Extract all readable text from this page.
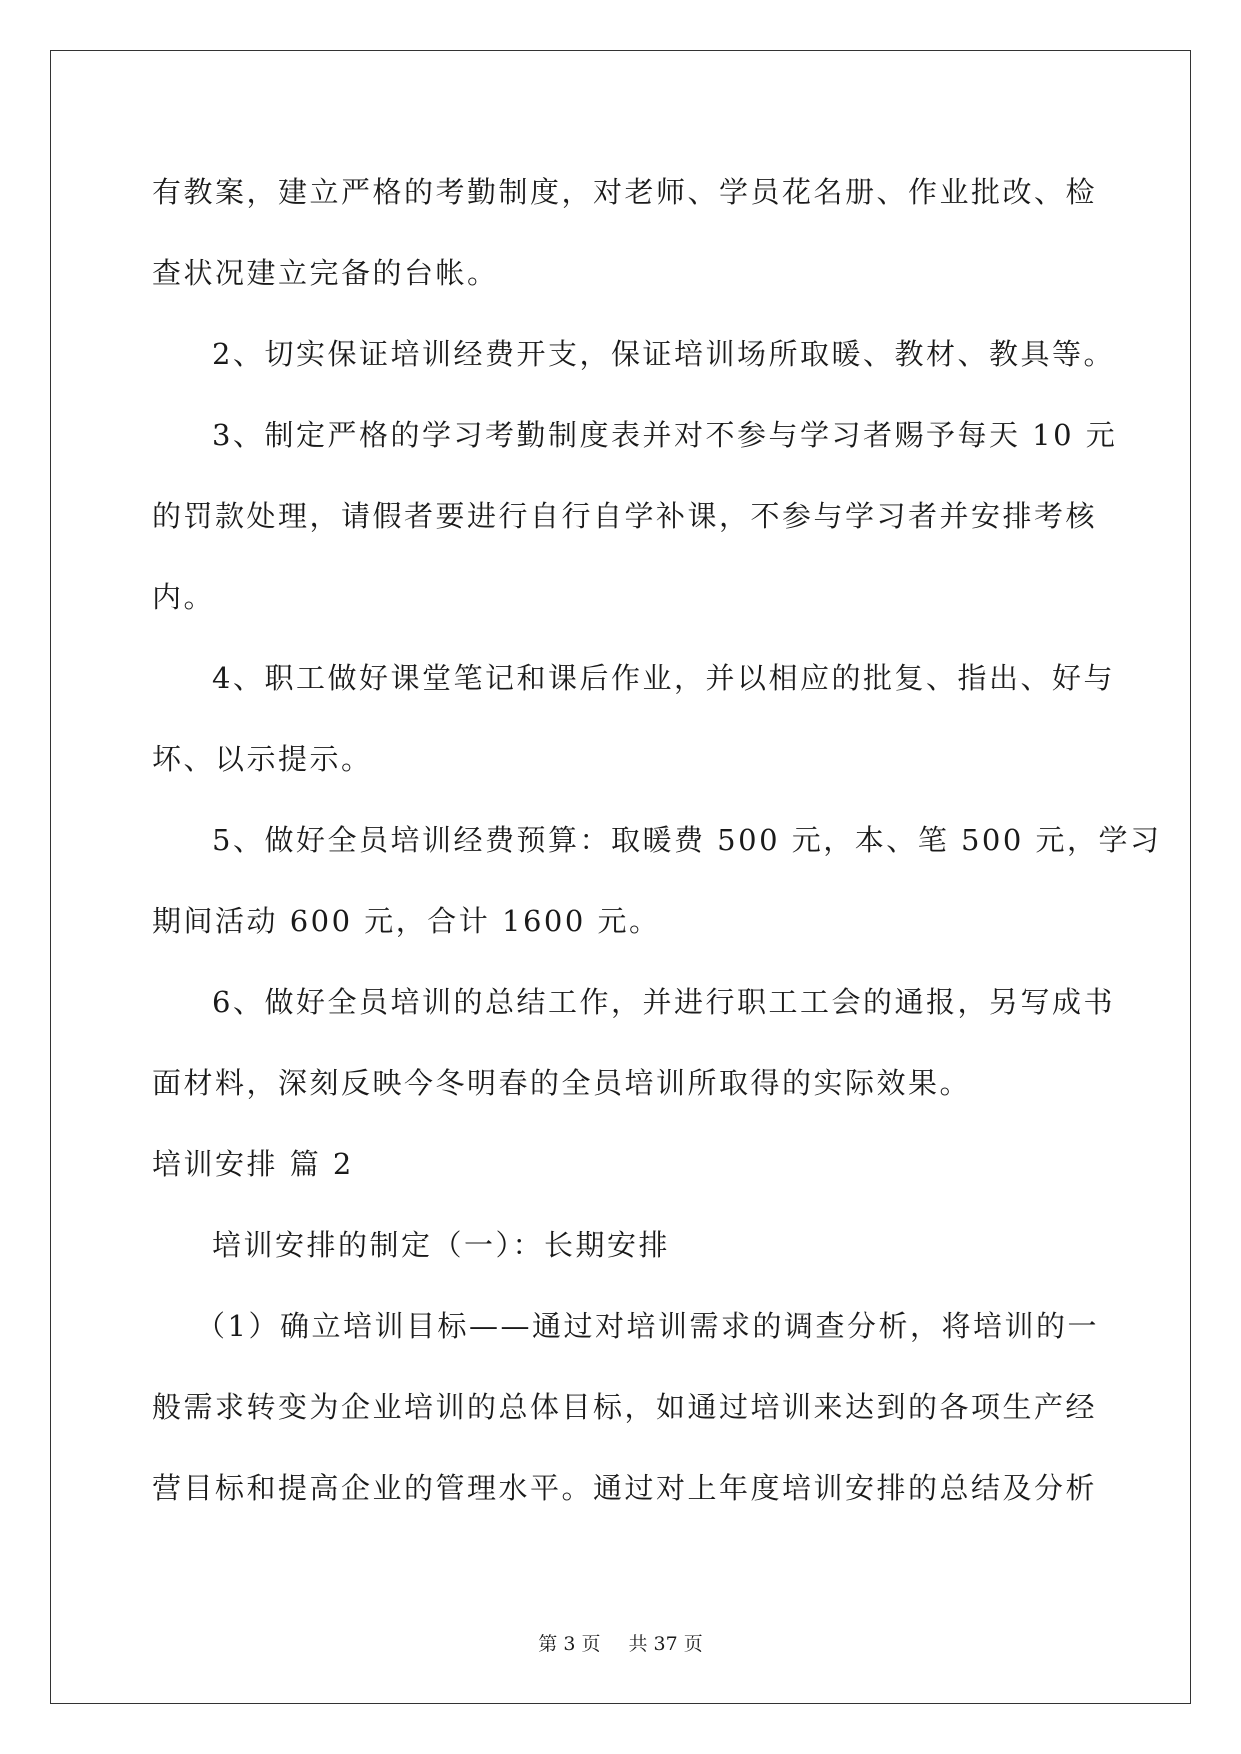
有教案，建立严格的考勤制度，对老师、学员花名册、作业批改、检
查状况建立完备的台帐。
2、切实保证培训经费开支，保证培训场所取暖、教材、教具等。
3、制定严格的学习考勤制度表并对不参与学习者赐予每天 10 元
的罚款处理，请假者要进行自行自学补课，不参与学习者并安排考核
内。
4、职工做好课堂笔记和课后作业，并以相应的批复、指出、好与
坏、以示提示。
5、做好全员培训经费预算：取暖费 500 元，本、笔 500 元，学习
期间活动 600 元，合计 1600 元。
6、做好全员培训的总结工作，并进行职工工会的通报，另写成书
面材料，深刻反映今冬明春的全员培训所取得的实际效果。
培训安排 篇 2
培训安排的制定（一）：长期安排
（1）确立培训目标——通过对培训需求的调查分析，将培训的一
般需求转变为企业培训的总体目标，如通过培训来达到的各项生产经
营目标和提高企业的管理水平。通过对上年度培训安排的总结及分析
第 3 页 共 37 页
